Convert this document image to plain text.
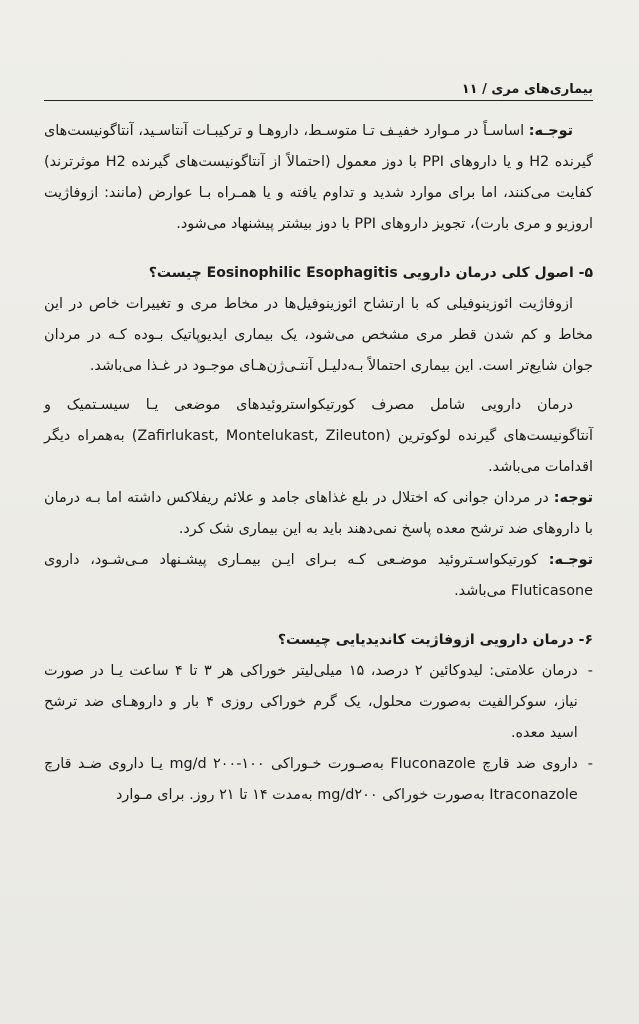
بیماری‌های مری / ۱۱

توجـه: اساسـاً در مـوارد خفیـف تـا متوسـط، داروهـا و ترکیبـات آنتاسـید، آنتاگونیست‌های گیرنده H2 و یا داروهای PPI با دوز معمول (احتمالاً از آنتاگونیست‌های گیرنده H2 موثرترند) کفایت می‌کنند، اما برای موارد شدید و تداوم یافته و یا همـراه بـا عوارض (مانند: ازوفاژیت اروزیو و مری بارت)، تجویز داروهای PPI با دوز بیشتر پیشنهاد می‌شود.

۵- اصول کلی درمان دارویی Eosinophilic Esophagitis چیست؟

ازوفاژیت ائوزینوفیلی که با ارتشاح ائوزینوفیل‌ها در مخاط مری و تغییرات خاص در این مخاط و کم شدن قطر مری مشخص می‌شود، یک بیماری ایدیوپاتیک بـوده کـه در مردان جوان شایع‌تر است. این بیماری احتمالاً بـه‌دلیـل آنتـی‌ژن‌هـای موجـود در غـذا می‌باشد.

درمان دارویی شامل مصرف کورتیکواستروئیدهای موضعی یـا سیسـتمیک و آنتاگونیست‌های گیرنده لوکوترین (Zafirlukast, Montelukast, Zileuton) به‌همراه دیگر اقدامات می‌باشد.

توجه: در مردان جوانی که اختلال در بلع غذاهای جامد و علائم ریفلاکس داشته اما بـه درمان با داروهای ضد ترشح معده پاسخ نمی‌دهند باید به این بیماری شک کرد.

توجـه: کورتیکواسـتروئید موضـعی کـه بـرای ایـن بیمـاری پیشـنهاد مـی‌شـود، داروی Fluticasone می‌باشد.

۶- درمان دارویی ازوفاژیت کاندیدیایی چیست؟

-
درمان علامتی: لیدوکائین ۲ درصد، ۱۵ میلی‌لیتر خوراکی هر ۳ تا ۴ ساعت یـا در صورت نیاز، سوکرالفیت به‌صورت محلول، یک گرم خوراکی روزی ۴ بار و داروهـای ضد ترشح اسید معده.
-
داروی ضد قارچ Fluconazole به‌صـورت خـوراکی mg/d ۲۰۰-۱۰۰ یـا داروی ضـد قارچ Itraconazole به‌صورت خوراکی mg/d۲۰۰ به‌مدت ۱۴ تا ۲۱ روز. برای مـوارد
